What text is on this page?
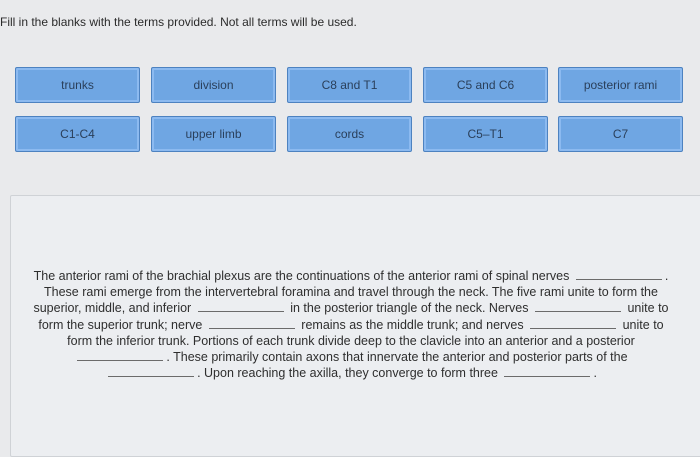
Fill in the blanks with the terms provided. Not all terms will be used.
trunks	division	C8 and T1	C5 and C6	posterior rami
C1-C4	upper limb	cords	C5–T1	C7
The anterior rami of the brachial plexus are the continuations of the anterior rami of spinal nerves	. These rami emerge from the intervertebral foramina and travel through the neck. The five rami unite to form the superior, middle, and inferior	in the posterior triangle of the neck. Nerves	unite to form the superior trunk; nerve	remains as the middle trunk; and nerves	unite to form the inferior trunk. Portions of each trunk divide deep to the clavicle into an anterior and a posterior . These primarily contain axons that innervate the anterior and posterior parts of the . Upon reaching the axilla, they converge to form three	.
